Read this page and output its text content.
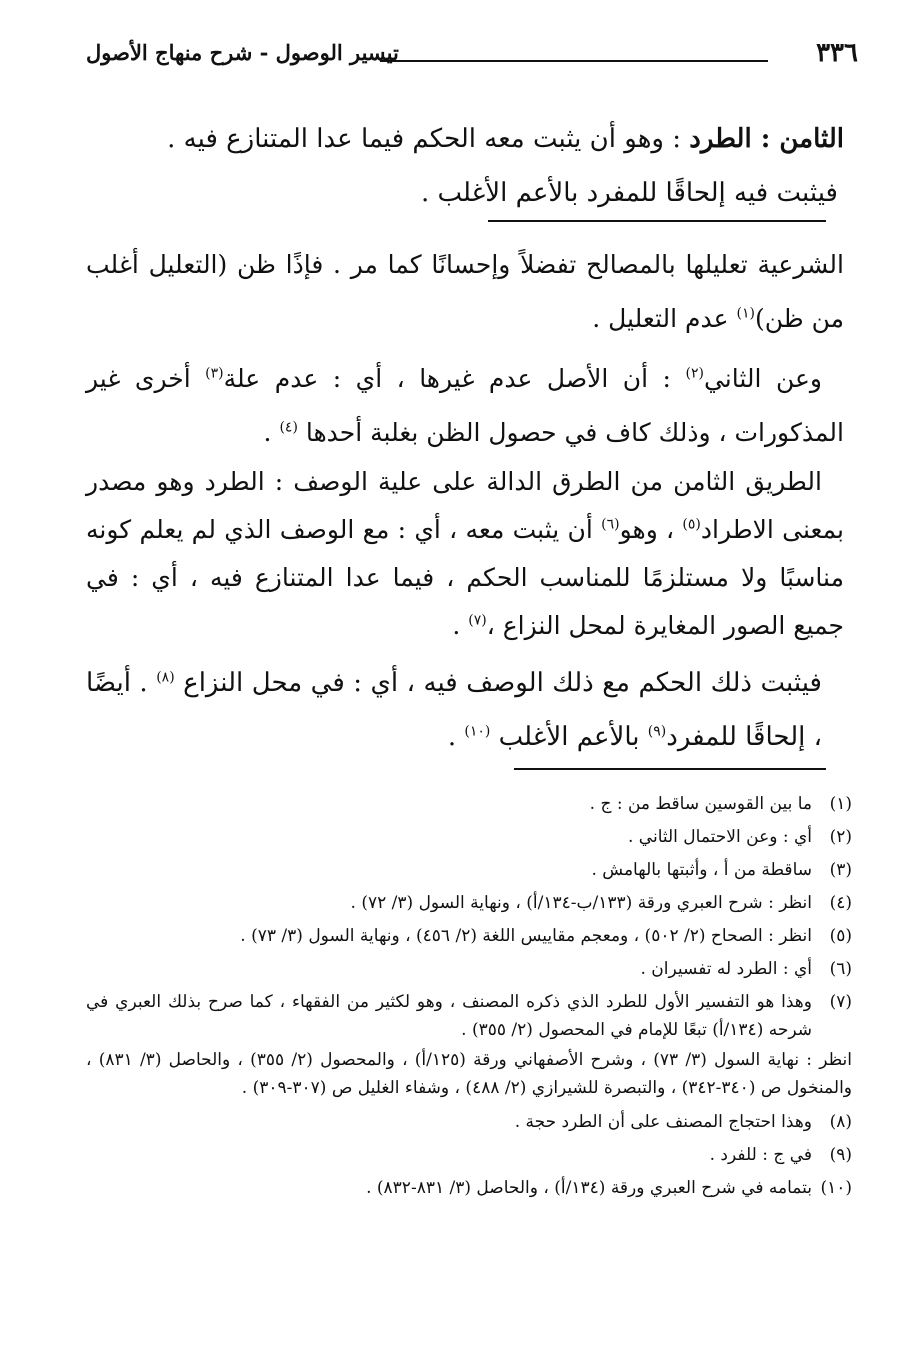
٣٣٦
تيسير الوصول - شرح منهاج الأصول

الثامن : الطرد : وهو أن يثبت معه الحكم فيما عدا المتنازع فيه .

فيثبت فيه إلحاقًا للمفرد بالأعم الأغلب .

الشرعية تعليلها بالمصالح تفضلاً وإحسانًا كما مر . فإذًا ظن (التعليل أغلب من ظن)$^{(١)}$ عدم التعليل .

وعن الثاني$^{(٢)}$ : أن الأصل عدم غيرها ، أي : عدم علة$^{(٣)}$ أخرى غير المذكورات ، وذلك كاف في حصول الظن بغلبة أحدها $^{(٤)}$ .

الطريق الثامن من الطرق الدالة على علية الوصف : الطرد وهو مصدر بمعنى الاطراد$^{(٥)}$ ، وهو$^{(٦)}$ أن يثبت معه ، أي : مع الوصف الذي لم يعلم كونه مناسبًا ولا مستلزمًا للمناسب الحكم ، فيما عدا المتنازع فيه ، أي : في جميع الصور المغايرة لمحل النزاع ،$^{(٧)}$ .

فيثبت ذلك الحكم مع ذلك الوصف فيه ، أي : في محل النزاع $^{(٨)}$ . أيضًا ، إلحاقًا للمفرد$^{(٩)}$ بالأعم الأغلب $^{(١٠)}$ .

(١)
ما بين القوسين ساقط من : ج .
(٢)
أي : وعن الاحتمال الثاني .
(٣)
ساقطة من أ ، وأثبتها بالهامش .
(٤)
انظر : شرح العبري ورقة (١٣٣/ب-١٣٤/أ) ، ونهاية السول (٣/ ٧٢) .
(٥)
انظر : الصحاح (٢/ ٥٠٢) ، ومعجم مقاييس اللغة (٢/ ٤٥٦) ، ونهاية السول (٣/ ٧٣) .
(٦)
أي : الطرد له تفسيران .
(٧)
وهذا هو التفسير الأول للطرد الذي ذكره المصنف ، وهو لكثير من الفقهاء ، كما صرح بذلك العبري في شرحه (١٣٤/أ) تبعًا للإمام في المحصول (٢/ ٣٥٥) .
انظر : نهاية السول (٣/ ٧٣) ، وشرح الأصفهاني ورقة (١٢٥/أ) ، والمحصول (٢/ ٣٥٥) ، والحاصل (٣/ ٨٣١) ، والمنخول ص (٣٤٠-٣٤٢) ، والتبصرة للشيرازي (٢/ ٤٨٨) ، وشفاء الغليل ص (٣٠٧-٣٠٩) .
(٨)
وهذا احتجاج المصنف على أن الطرد حجة .
(٩)
في ج : للفرد .
(١٠)
بتمامه في شرح العبري ورقة (١٣٤/أ) ، والحاصل (٣/ ٨٣١-٨٣٢) .
